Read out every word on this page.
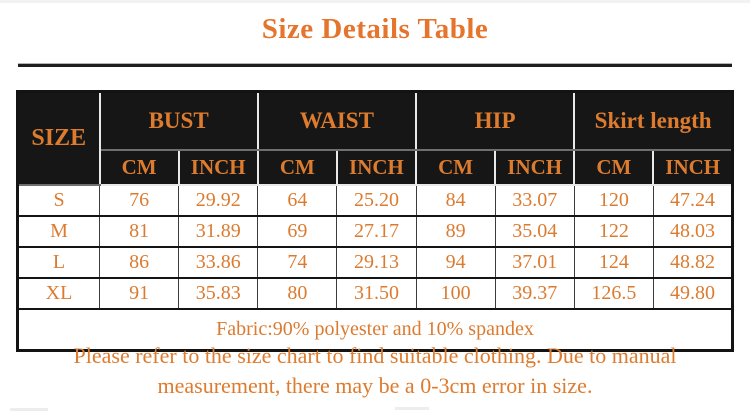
Size Details Table
SIZE	BUST		WAIST		HIP		Skirt length	
	CM	INCH	CM	INCH	CM	INCH	CM	INCH
S	76	29.92	64	25.20	84	33.07	120	47.24
M	81	31.89	69	27.17	89	35.04	122	48.03
L	86	33.86	74	29.13	94	37.01	124	48.82
XL	91	35.83	80	31.50	100	39.37	126.5	49.80
Fabric:90% polyester and 10% spandex								
Please refer to the size chart to find suitable clothing. Due to manual
measurement, there may be a 0-3cm error in size.
